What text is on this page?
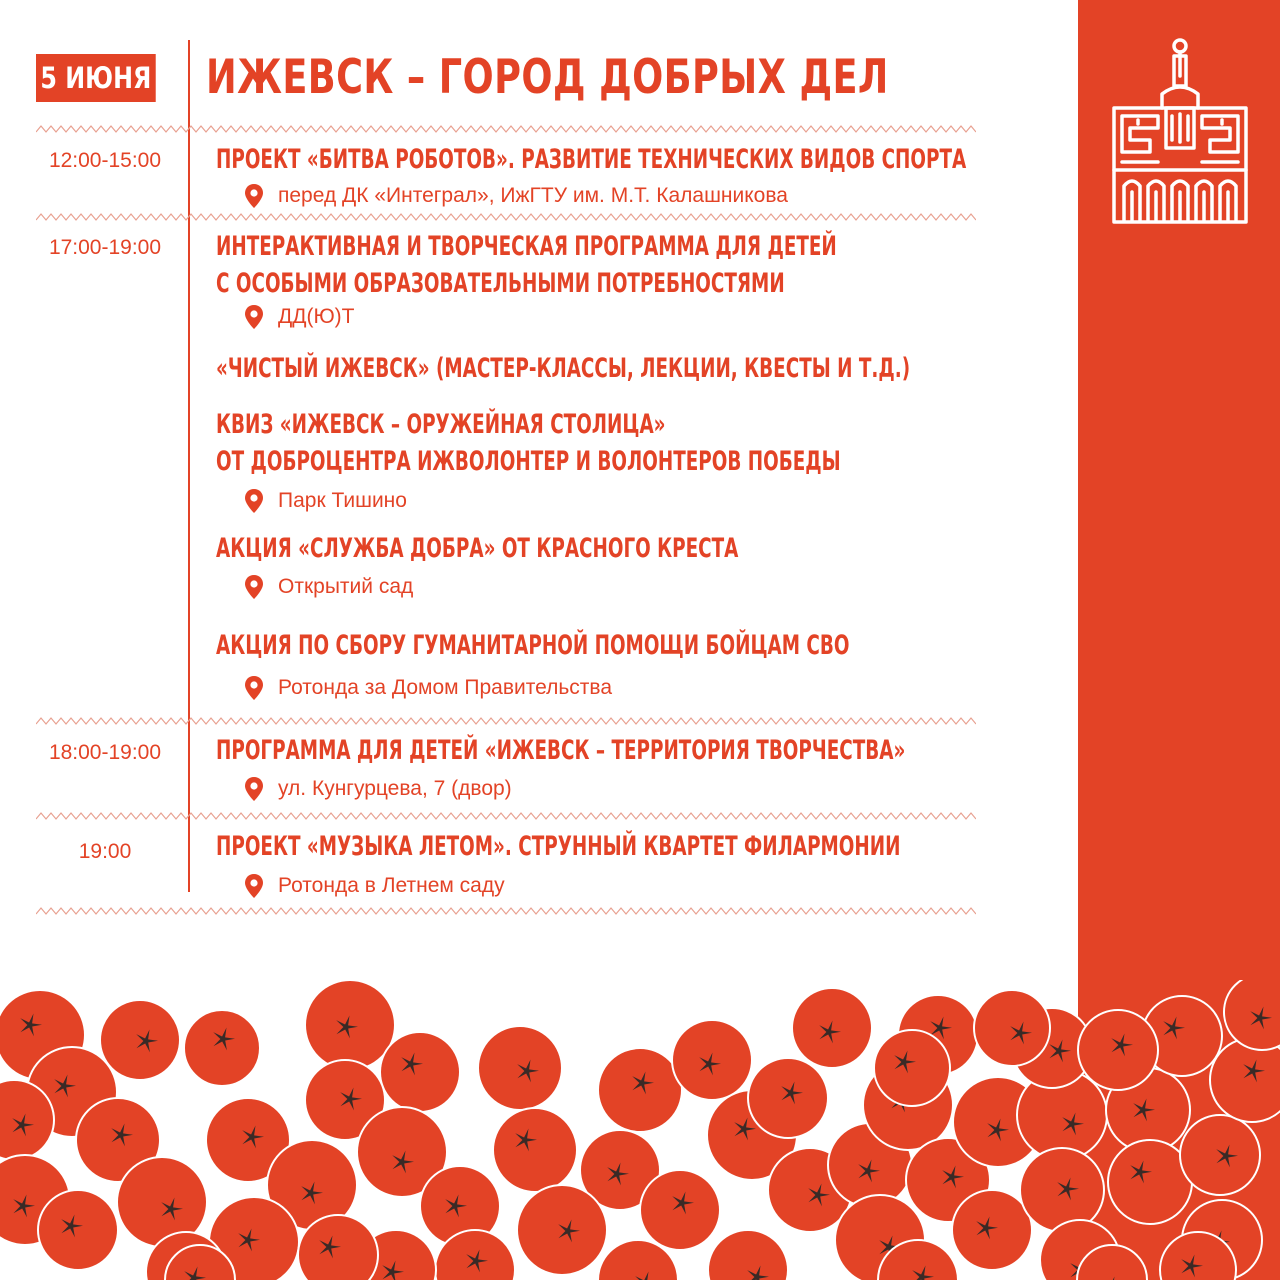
5 ИЮНЯ ИЖЕВСК – ГОРОД ДОБРЫХ ДЕЛ
12:00-15:00	ПРОЕКТ «БИТВА РОБОТОВ». РАЗВИТИЕ ТЕХНИЧЕСКИХ ВИДОВ СПОРТА
перед ДК «Интеграл», ИжГТУ им. М.Т. Калашникова
17:00-19:00	ИНТЕРАКТИВНАЯ И ТВОРЧЕСКАЯ ПРОГРАММА ДЛЯ ДЕТЕЙ
С ОСОБЫМИ ОБРАЗОВАТЕЛЬНЫМИ ПОТРЕБНОСТЯМИ
ДД(Ю)Т
«ЧИСТЫЙ ИЖЕВСК» (МАСТЕР-КЛАССЫ, ЛЕКЦИИ, КВЕСТЫ И Т.Д.)
КВИЗ «ИЖЕВСК – ОРУЖЕЙНАЯ СТОЛИЦА»
ОТ ДОБРОЦЕНТРА ИЖВОЛОНТЕР И ВОЛОНТЕРОВ ПОБЕДЫ
Парк Тишино
АКЦИЯ «СЛУЖБА ДОБРА» ОТ КРАСНОГО КРЕСТА
Открытий сад
АКЦИЯ ПО СБОРУ ГУМАНИТАРНОЙ ПОМОЩИ БОЙЦАМ СВО
Ротонда за Домом Правительства
18:00-19:00	ПРОГРАММА ДЛЯ ДЕТЕЙ «ИЖЕВСК – ТЕРРИТОРИЯ ТВОРЧЕСТВА»
ул. Кунгурцева, 7 (двор)
19:00	ПРОЕКТ «МУЗЫКА ЛЕТОМ». СТРУННЫЙ КВАРТЕТ ФИЛАРМОНИИ
Ротонда в Летнем саду
